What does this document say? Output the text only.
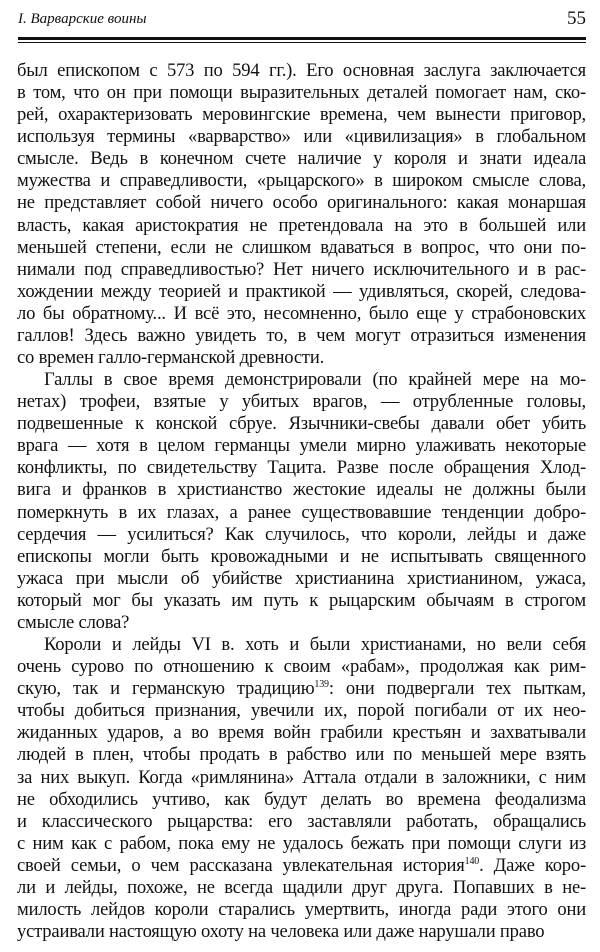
I. Варварские воины	55
был епископом с 573 по 594 гг.). Его основная заслуга заключается
в том, что он при помощи выразительных деталей помогает нам, ско-
рей, охарактеризовать меровингские времена, чем вынести приговор,
используя термины «варварство» или «цивилизация» в глобальном
смысле. Ведь в конечном счете наличие у короля и знати идеала
мужества и справедливости, «рыцарского» в широком смысле слова,
не представляет собой ничего особо оригинального: какая монаршая
власть, какая аристократия не претендовала на это в большей или
меньшей степени, если не слишком вдаваться в вопрос, что они по-
нимали под справедливостью? Нет ничего исключительного и в рас-
хождении между теорией и практикой — удивляться, скорей, следова-
ло бы обратному... И всё это, несомненно, было еще у страбоновских
галлов! Здесь важно увидеть то, в чем могут отразиться изменения
со времен галло-германской древности.
Галлы в свое время демонстрировали (по крайней мере на мо-
нетах) трофеи, взятые у убитых врагов, — отрубленные головы,
подвешенные к конской сбруе. Язычники-свебы давали обет убить
врага — хотя в целом германцы умели мирно улаживать некоторые
конфликты, по свидетельству Тацита. Разве после обращения Хлод-
вига и франков в христианство жестокие идеалы не должны были
померкнуть в их глазах, а ранее существовавшие тенденции добро-
сердечия — усилиться? Как случилось, что короли, лейды и даже
епископы могли быть кровожадными и не испытывать священного
ужаса при мысли об убийстве христианина христианином, ужаса,
который мог бы указать им путь к рыцарским обычаям в строгом
смысле слова?
Короли и лейды VI в. хоть и были христианами, но вели себя
очень сурово по отношению к своим «рабам», продолжая как рим-
скую, так и германскую традицию$^{139}$: они подвергали тех пыткам,
чтобы добиться признания, увечили их, порой погибали от их нео-
жиданных ударов, а во время войн грабили крестьян и захватывали
людей в плен, чтобы продать в рабство или по меньшей мере взять
за них выкуп. Когда «римлянина» Аттала отдали в заложники, с ним
не обходились учтиво, как будут делать во времена феодализма
и классического рыцарства: его заставляли работать, обращались
с ним как с рабом, пока ему не удалось бежать при помощи слуги из
своей семьи, о чем рассказана увлекательная история$^{140}$. Даже коро-
ли и лейды, похоже, не всегда щадили друг друга. Попавших в не-
милость лейдов короли старались умертвить, иногда ради этого они
устраивали настоящую охоту на человека или даже нарушали право
